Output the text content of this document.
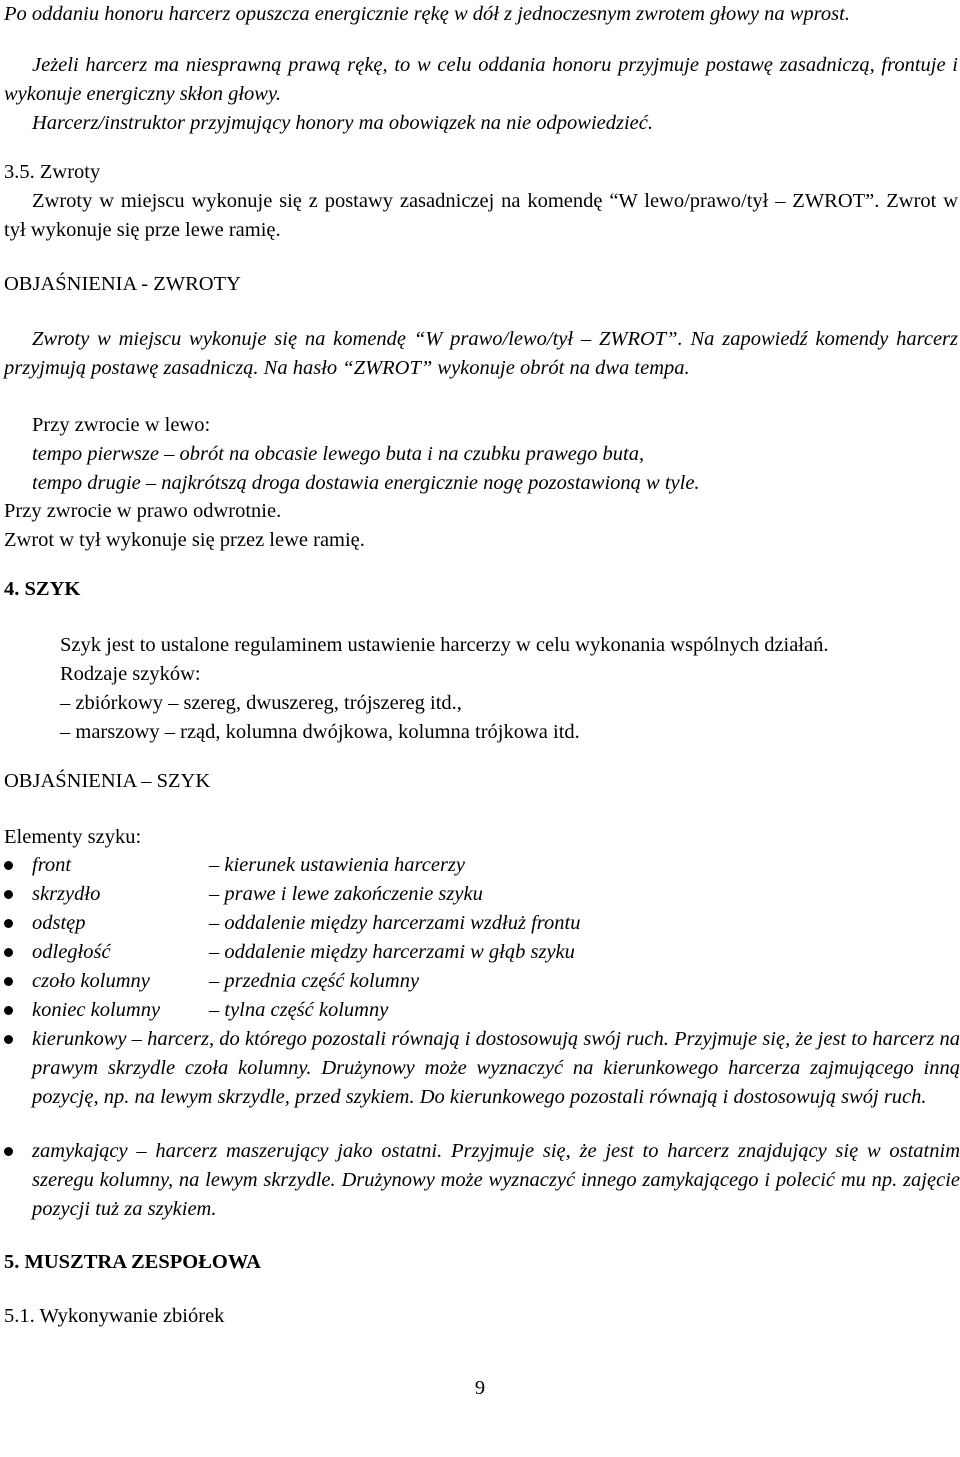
Po oddaniu honoru harcerz opuszcza energicznie rękę w dół z jednoczesnym zwrotem głowy na wprost.

Jeżeli harcerz ma niesprawną prawą rękę, to w celu oddania honoru przyjmuje postawę zasadniczą, frontuje i wykonuje energiczny skłon głowy.

Harcerz/instruktor przyjmujący honory ma obowiązek na nie odpowiedzieć.

3.5. Zwroty

Zwroty w miejscu wykonuje się z postawy zasadniczej na komendę “W lewo/prawo/tył – ZWROT”. Zwrot w tył wykonuje się prze lewe ramię.

OBJAŚNIENIA - ZWROTY

Zwroty w miejscu wykonuje się na komendę “W prawo/lewo/tył – ZWROT”. Na zapowiedź komendy harcerz przyjmują postawę zasadniczą. Na hasło “ZWROT” wykonuje obrót na dwa tempa.

Przy zwrocie w lewo:

tempo pierwsze – obrót na obcasie lewego buta i na czubku prawego buta,

tempo drugie – najkrótszą droga dostawia energicznie nogę pozostawioną w tyle.

Przy zwrocie w prawo odwrotnie.

Zwrot w tył wykonuje się przez lewe ramię.

4. SZYK

Szyk jest to ustalone regulaminem ustawienie harcerzy w celu wykonania wspólnych działań.

Rodzaje szyków:

– zbiórkowy – szereg, dwuszereg, trójszereg itd.,

– marszowy – rząd, kolumna dwójkowa, kolumna trójkowa itd.

OBJAŚNIENIA – SZYK

Elementy szyku:

front	– kierunek ustawienia harcerzy
skrzydło	– prawe i lewe zakończenie szyku
odstęp	– oddalenie między harcerzami wzdłuż frontu
odległość	– oddalenie między harcerzami w głąb szyku
czoło kolumny	– przednia część kolumny
koniec kolumny – tylna część kolumny

kierunkowy – harcerz, do którego pozostali równają i dostosowują swój ruch. Przyjmuje się, że jest to harcerz na prawym skrzydle czoła kolumny. Drużynowy może wyznaczyć na kierunkowego harcerza zajmującego inną pozycję, np. na lewym skrzydle, przed szykiem. Do kierunkowego pozostali równają i dostosowują swój ruch.

zamykający – harcerz maszerujący jako ostatni. Przyjmuje się, że jest to harcerz znajdujący się w ostatnim szeregu kolumny, na lewym skrzydle. Drużynowy może wyznaczyć innego zamykającego i polecić mu np. zajęcie pozycji tuż za szykiem.

5. MUSZTRA ZESPOŁOWA

5.1. Wykonywanie zbiórek

9
